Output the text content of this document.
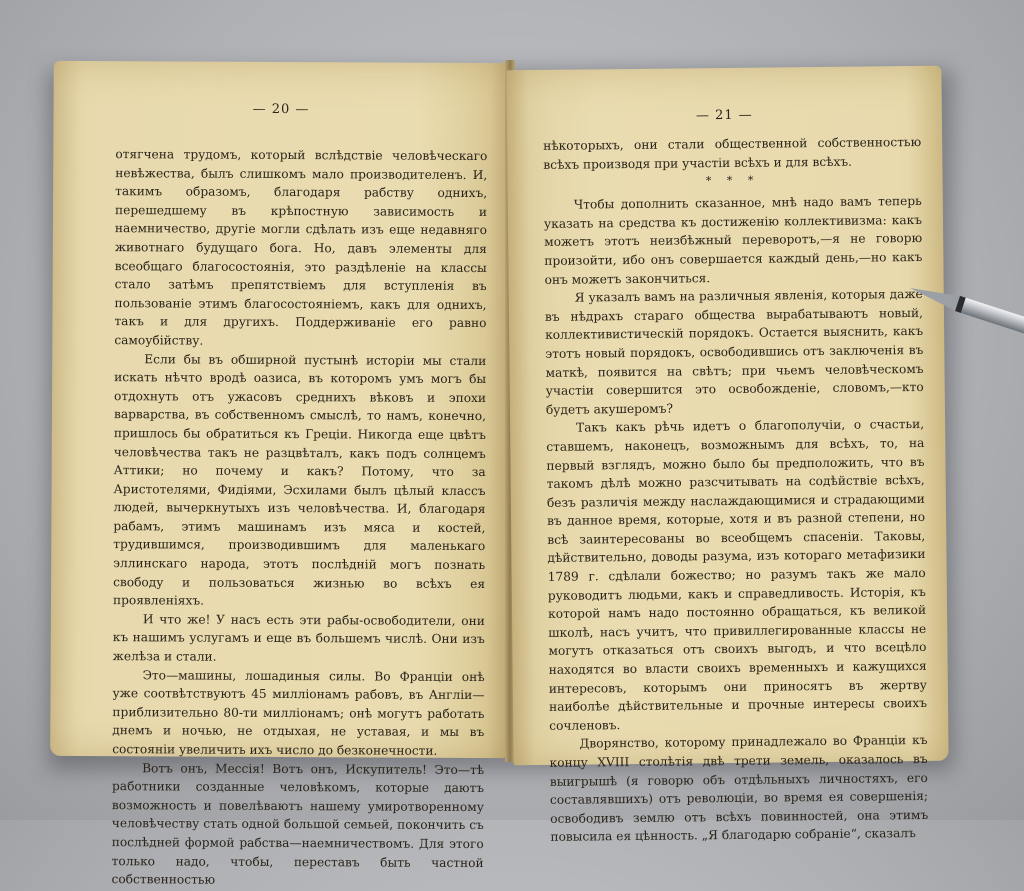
— 20 —

отягчена трудомъ, который вслѣдствіе человѣческаго невѣжества, былъ слишкомъ мало производителенъ. И, такимъ образомъ, благодаря рабству однихъ, перешедшему въ крѣпостную зависимость и наемничество, другіе могли сдѣлать изъ еще недавняго животнаго будущаго бога. Но, давъ элементы для всеобщаго благосостоянія, это раздѣленіе на классы стало затѣмъ препятствіемъ для вступленія въ пользованіе этимъ благосостояніемъ, какъ для однихъ, такъ и для другихъ. Поддерживаніе его равно самоубійству.

Если бы въ обширной пустынѣ исторіи мы стали искать нѣчто вродѣ оазиса, въ которомъ умъ могъ бы отдохнуть отъ ужасовъ среднихъ вѣковъ и эпохи варварства, въ собственномъ смыслѣ, то намъ, конечно, пришлось бы обратиться къ Греціи. Никогда еще цвѣтъ человѣчества такъ не разцвѣталъ, какъ подъ солнцемъ Аттики; но почему и какъ? Потому, что за Аристотелями, Фидіями, Эсхилами былъ цѣлый классъ людей, вычеркнутыхъ изъ человѣчества. И, благодаря рабамъ, этимъ машинамъ изъ мяса и костей, трудившимся, производившимъ для маленькаго эллинскаго народа, этотъ послѣдній могъ познать свободу и пользоваться жизнью во всѣхъ ея проявленіяхъ.

И что же! У насъ есть эти рабы-освободители, они къ нашимъ услугамъ и еще въ большемъ числѣ. Они изъ желѣза и стали.

Это—машины, лошадиныя силы. Во Франціи онѣ уже соотвѣтствуютъ 45 милліонамъ рабовъ, въ Англіи—приблизительно 80-ти милліонамъ; онѣ могутъ работать днемъ и ночью, не отдыхая, не уставая, и мы въ состояніи увеличить ихъ число до безконечности.

Вотъ онъ, Мессія! Вотъ онъ, Искупитель! Это—тѣ работники созданные человѣкомъ, которые даютъ возможность и повелѣваютъ нашему умиротворенному человѣчеству стать одной большой семьей, покончить съ послѣдней формой рабства—наемничествомъ. Для этого только надо, чтобы, переставъ быть частной собственностью

— 21 —

нѣкоторыхъ, они стали общественной собственностью всѣхъ производя при участіи всѣхъ и для всѣхъ.

* * *

Чтобы дополнить сказанное, мнѣ надо вамъ теперь указать на средства къ достиженію коллективизма: какъ можетъ этотъ неизбѣжный переворотъ,—я не говорю произойти, ибо онъ совершается каждый день,—но какъ онъ можетъ закончиться.

Я указалъ вамъ на различныя явленія, которыя даже въ нѣдрахъ стараго общества вырабатываютъ новый, коллективистическій порядокъ. Остается выяснить, какъ этотъ новый порядокъ, освободившись отъ заключенія въ маткѣ, появится на свѣтъ; при чьемъ человѣческомъ участіи совершится это освобожденіе, словомъ,—кто будетъ акушеромъ?

Такъ какъ рѣчь идетъ о благополучіи, о счастьи, ставшемъ, наконецъ, возможнымъ для всѣхъ, то, на первый взглядъ, можно было бы предположить, что въ такомъ дѣлѣ можно разсчитывать на содѣйствіе всѣхъ, безъ различія между наслаждающимися и страдающими въ данное время, которые, хотя и въ разной степени, но всѣ заинтересованы во всеобщемъ спасеніи. Таковы, дѣйствительно, доводы разума, изъ котораго метафизики 1789 г. сдѣлали божество; но разумъ такъ же мало руководитъ людьми, какъ и справедливость. Исторія, къ которой намъ надо постоянно обращаться, къ великой школѣ, насъ учитъ, что привиллегированные классы не могутъ отказаться отъ своихъ выгодъ, и что всецѣло находятся во власти своихъ временныхъ и кажущихся интересовъ, которымъ они приносятъ въ жертву наиболѣе дѣйствительные и прочные интересы своихъ сочленовъ.

Дворянство, которому принадлежало во Франціи къ концу XVIII столѣтія двѣ трети земель, оказалось въ выигрышѣ (я говорю объ отдѣльныхъ личностяхъ, его составлявшихъ) отъ революціи, во время ея совершенія; освободивъ землю отъ всѣхъ повинностей, она этимъ повысила ея цѣнность. „Я благодарю собраніе“, сказалъ
